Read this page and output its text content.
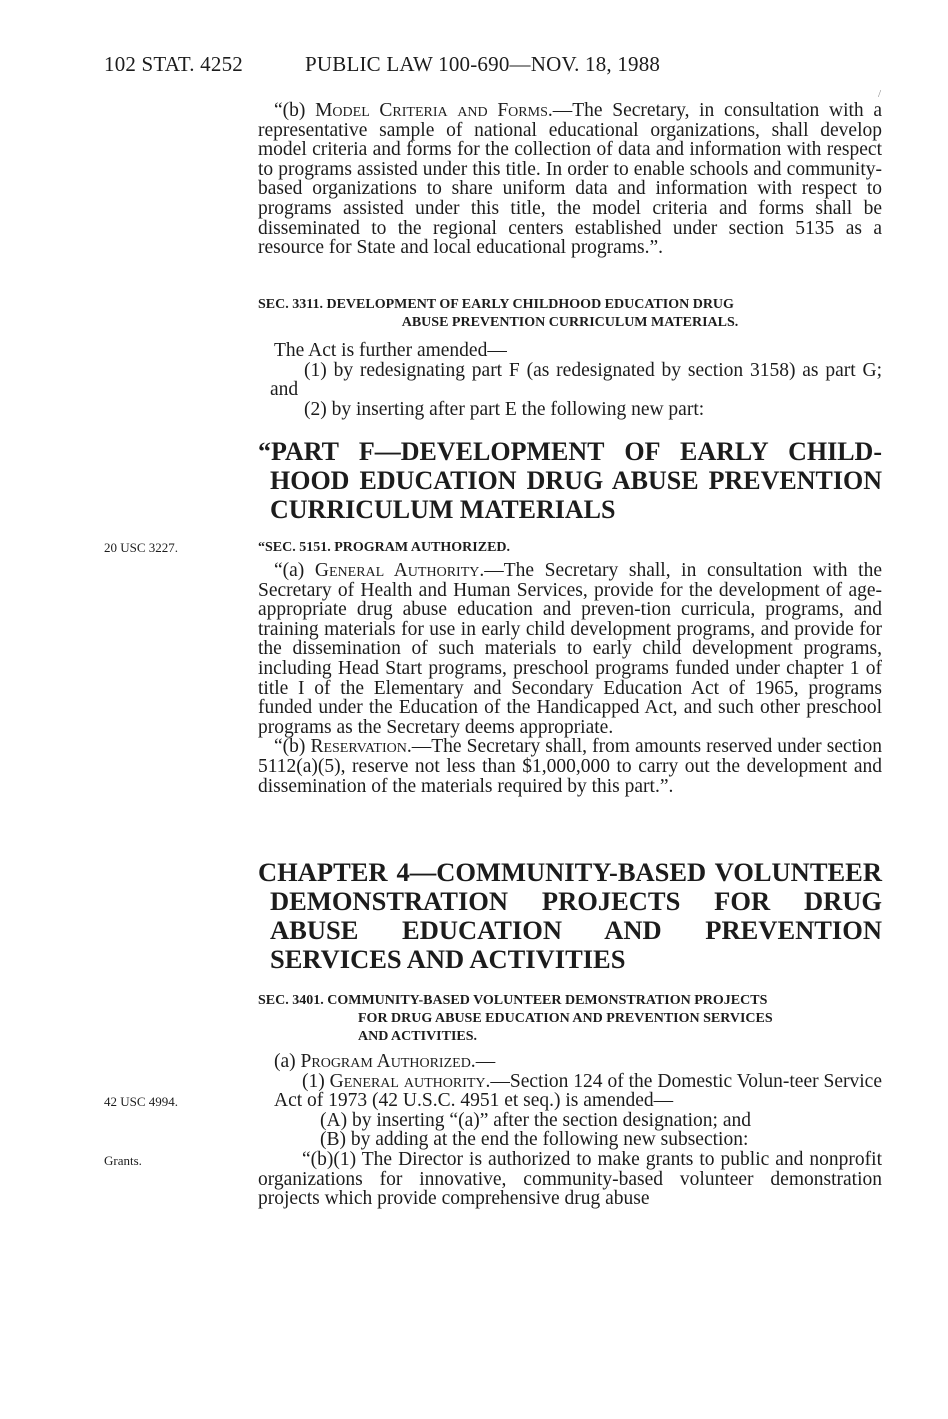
102 STAT. 4252	PUBLIC LAW 100-690—NOV. 18, 1988
/

“(b) Model Criteria and Forms.—The Secretary, in consultation with a representative sample of national educational organizations, shall develop model criteria and forms for the collection of data and information with respect to programs assisted under this title. In order to enable schools and community-based organizations to share uniform data and information with respect to programs assisted under this title, the model criteria and forms shall be disseminated to the regional centers established under section 5135 as a resource for State and local educational programs.”.

SEC. 3311. DEVELOPMENT OF EARLY CHILDHOOD EDUCATION DRUG
ABUSE PREVENTION CURRICULUM MATERIALS.

The Act is further amended—

(1) by redesignating part F (as redesignated by section 3158) as part G; and

(2) by inserting after part E the following new part:

“PART F—DEVELOPMENT OF EARLY CHILD-HOOD EDUCATION DRUG ABUSE PREVENTION CURRICULUM MATERIALS

20 USC 3227.	“SEC. 5151. PROGRAM AUTHORIZED.

“(a) General Authority.—The Secretary shall, in consultation with the Secretary of Health and Human Services, provide for the development of age-appropriate drug abuse education and preven-tion curricula, programs, and training materials for use in early child development programs, and provide for the dissemination of such materials to early child development programs, including Head Start programs, preschool programs funded under chapter 1 of title I of the Elementary and Secondary Education Act of 1965, programs funded under the Education of the Handicapped Act, and such other preschool programs as the Secretary deems appropriate.

“(b) Reservation.—The Secretary shall, from amounts reserved under section 5112(a)(5), reserve not less than $1,000,000 to carry out the development and dissemination of the materials required by this part.”.

CHAPTER 4—COMMUNITY-BASED VOLUNTEER DEMONSTRATION PROJECTS FOR DRUG ABUSE EDUCATION AND PREVENTION SERVICES AND ACTIVITIES

SEC. 3401. COMMUNITY-BASED VOLUNTEER DEMONSTRATION PROJECTS
FOR DRUG ABUSE EDUCATION AND PREVENTION SERVICES
AND ACTIVITIES.

42 USC 4994.
Grants.

(a) Program Authorized.—

(1) General authority.—Section 124 of the Domestic Volun-teer Service Act of 1973 (42 U.S.C. 4951 et seq.) is amended—

(A) by inserting “(a)” after the section designation; and

(B) by adding at the end the following new subsection:

“(b)(1) The Director is authorized to make grants to public and nonprofit organizations for innovative, community-based volunteer demonstration projects which provide comprehensive drug abuse
